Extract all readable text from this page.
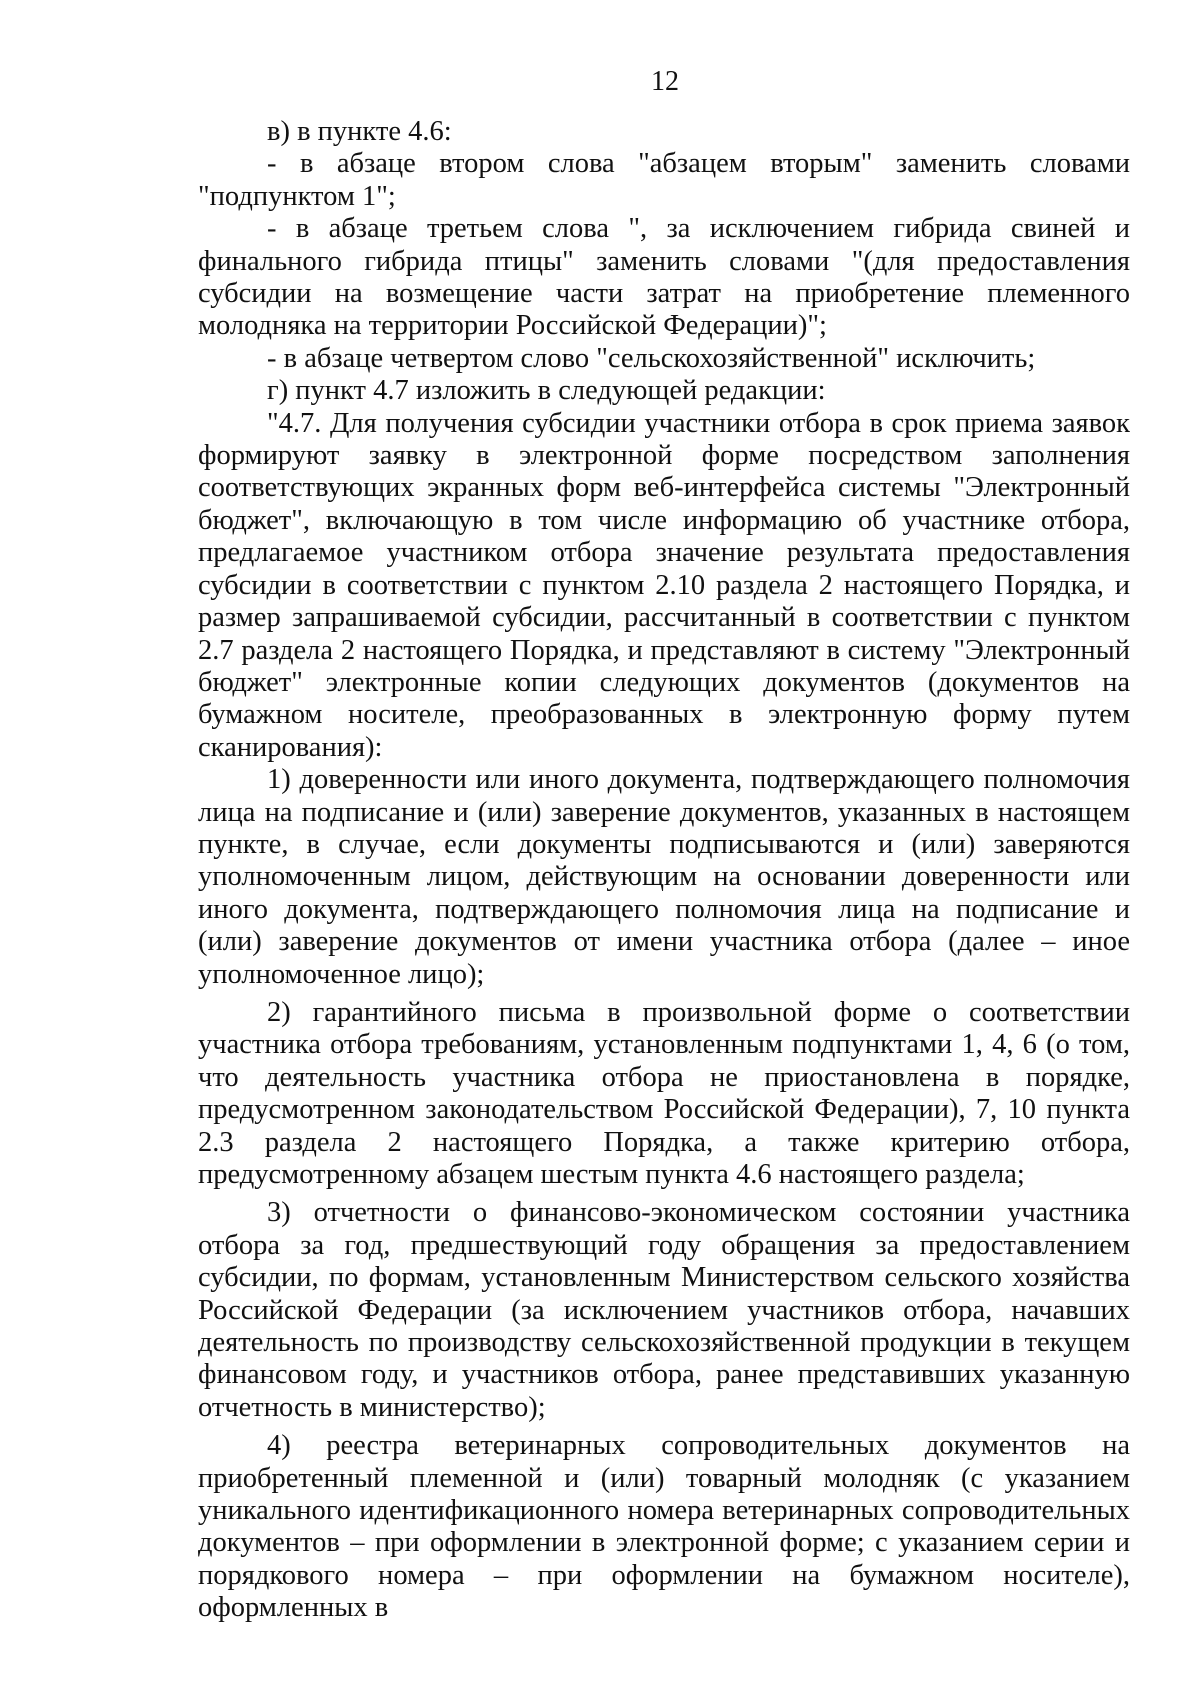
12

в) в пункте 4.6:

- в абзаце втором слова "абзацем вторым" заменить словами "подпунктом 1";

- в абзаце третьем слова ", за исключением гибрида свиней и финального гибрида птицы" заменить словами "(для предоставления субсидии на возмещение части затрат на приобретение племенного молодняка на территории Российской Федерации)";

- в абзаце четвертом слово "сельскохозяйственной" исключить;

г) пункт 4.7 изложить в следующей редакции:

"4.7. Для получения субсидии участники отбора в срок приема заявок формируют заявку в электронной форме посредством заполнения соответствующих экранных форм веб-интерфейса системы "Электронный бюджет", включающую в том числе информацию об участнике отбора, предлагаемое участником отбора значение результата предоставления субсидии в соответствии с пунктом 2.10 раздела 2 настоящего Порядка, и размер запрашиваемой субсидии, рассчитанный в соответствии с пунктом 2.7 раздела 2 настоящего Порядка, и представляют в систему "Электронный бюджет" электронные копии следующих документов (документов на бумажном носителе, преобразованных в электронную форму путем сканирования):

1) доверенности или иного документа, подтверждающего полномочия лица на подписание и (или) заверение документов, указанных в настоящем пункте, в случае, если документы подписываются и (или) заверяются уполномоченным лицом, действующим на основании доверенности или иного документа, подтверждающего полномочия лица на подписание и (или) заверение документов от имени участника отбора (далее – иное уполномоченное лицо);

2) гарантийного письма в произвольной форме о соответствии участника отбора требованиям, установленным подпунктами 1, 4, 6 (о том, что деятельность участника отбора не приостановлена в порядке, предусмотренном законодательством Российской Федерации), 7, 10 пункта 2.3 раздела 2 настоящего Порядка, а также критерию отбора, предусмотренному абзацем шестым пункта 4.6 настоящего раздела;

3) отчетности о финансово-экономическом состоянии участника отбора за год, предшествующий году обращения за предоставлением субсидии, по формам, установленным Министерством сельского хозяйства Российской Федерации (за исключением участников отбора, начавших деятельность по производству сельскохозяйственной продукции в текущем финансовом году, и участников отбора, ранее представивших указанную отчетность в министерство);

4) реестра ветеринарных сопроводительных документов на приобретенный племенной и (или) товарный молодняк (с указанием уникального идентификационного номера ветеринарных сопроводительных документов – при оформлении в электронной форме; с указанием серии и порядкового номера – при оформлении на бумажном носителе), оформленных в
